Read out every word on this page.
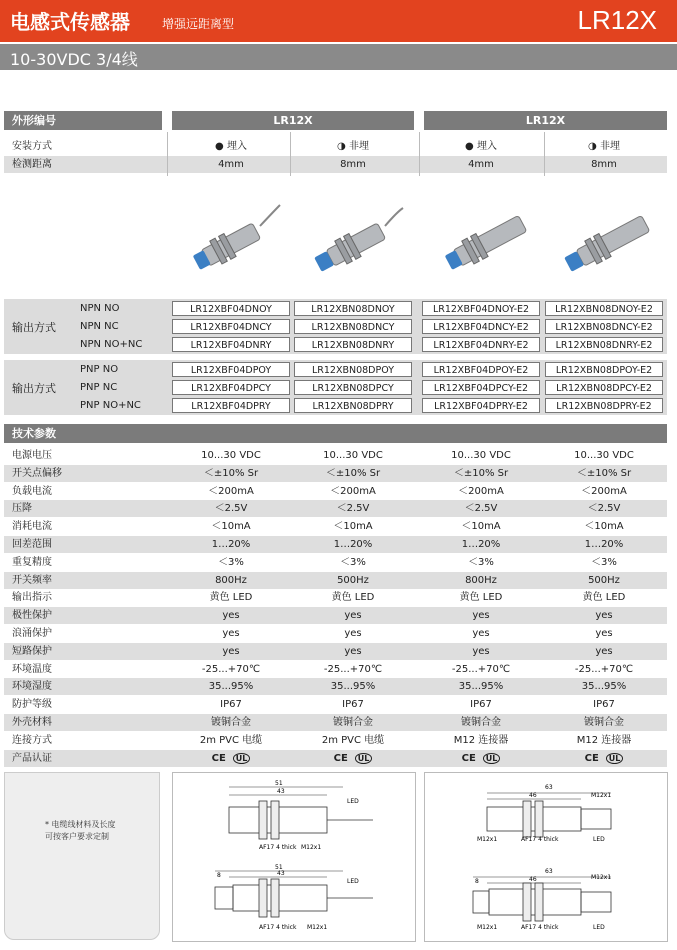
电感式传感器	增强远距离型	LR12X
10-30VDC 3/4线
外形编号	LR12X	LR12X
安装方式	● 埋入	◑ 非埋	● 埋入	◑ 非埋
检测距离	4mm	8mm	4mm	8mm
输出方式
NPN NO	LR12XBF04DNOY	LR12XBN08DNOY	LR12XBF04DNOY-E2	LR12XBN08DNOY-E2
NPN NC	LR12XBF04DNCY	LR12XBN08DNCY	LR12XBF04DNCY-E2	LR12XBN08DNCY-E2
NPN NO+NC	LR12XBF04DNRY	LR12XBN08DNRY	LR12XBF04DNRY-E2	LR12XBN08DNRY-E2
输出方式
PNP NO	LR12XBF04DPOY	LR12XBN08DPOY	LR12XBF04DPOY-E2	LR12XBN08DPOY-E2
PNP NC	LR12XBF04DPCY	LR12XBN08DPCY	LR12XBF04DPCY-E2	LR12XBN08DPCY-E2
PNP NO+NC	LR12XBF04DPRY	LR12XBN08DPRY	LR12XBF04DPRY-E2	LR12XBN08DPRY-E2
技术参数
电源电压	10...30 VDC	10...30 VDC	10...30 VDC	10...30 VDC
开关点偏移	＜±10% Sr	＜±10% Sr	＜±10% Sr	＜±10% Sr
负载电流	＜200mA	＜200mA	＜200mA	＜200mA
压降	＜2.5V	＜2.5V	＜2.5V	＜2.5V
消耗电流	＜10mA	＜10mA	＜10mA	＜10mA
回差范围	1…20%	1…20%	1…20%	1…20%
重复精度	＜3%	＜3%	＜3%	＜3%
开关频率	800Hz	500Hz	800Hz	500Hz
输出指示	黄色 LED	黄色 LED	黄色 LED	黄色 LED
极性保护	yes	yes	yes	yes
浪涌保护	yes	yes	yes	yes
短路保护	yes	yes	yes	yes
环境温度	-25...+70℃	-25...+70℃	-25...+70℃	-25...+70℃
环境湿度	35...95%	35...95%	35...95%	35...95%
防护等级	IP67	IP67	IP67	IP67
外壳材料	镀铜合金	镀铜合金	镀铜合金	镀铜合金
连接方式	2m PVC 电缆	2m PVC 电缆	M12 连接器	M12 连接器
产品认证	CE UL	CE UL	CE UL	CE UL
* 电缆线材料及长度
可按客户要求定制
51
43
LED
AF17 4 thick M12x1
51
43
8
LED
AF17 4 thick M12x1
63
46	M12x1
M12x1	AF17 4 thick	LED
63
46
8
M12x1
M12x1	AF17 4 thick	LED
